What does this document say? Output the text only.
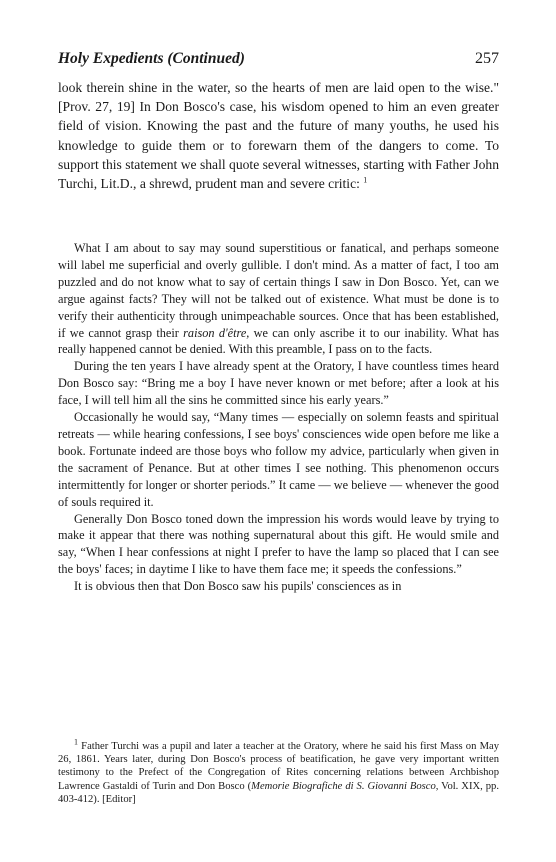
Holy Expedients (Continued)	257

look therein shine in the water, so the hearts of men are laid open to the wise." [Prov. 27, 19] In Don Bosco's case, his wisdom opened to him an even greater field of vision. Knowing the past and the future of many youths, he used his knowledge to guide them or to forewarn them of the dangers to come. To support this statement we shall quote several witnesses, starting with Father John Turchi, Lit.D., a shrewd, prudent man and severe critic: $^1$

What I am about to say may sound superstitious or fanatical, and perhaps someone will label me superficial and overly gullible. I don't mind. As a matter of fact, I too am puzzled and do not know what to say of certain things I saw in Don Bosco. Yet, can we argue against facts? They will not be talked out of existence. What must be done is to verify their authenticity through unimpeachable sources. Once that has been established, if we cannot grasp their raison d'être, we can only ascribe it to our inability. What has really happened cannot be denied. With this preamble, I pass on to the facts.

During the ten years I have already spent at the Oratory, I have countless times heard Don Bosco say: “Bring me a boy I have never known or met before; after a look at his face, I will tell him all the sins he committed since his early years.”

Occasionally he would say, “Many times — especially on solemn feasts and spiritual retreats — while hearing confessions, I see boys' consciences wide open before me like a book. Fortunate indeed are those boys who follow my advice, particularly when given in the sacrament of Penance. But at other times I see nothing. This phenomenon occurs intermittently for longer or shorter periods.” It came — we believe — whenever the good of souls required it.

Generally Don Bosco toned down the impression his words would leave by trying to make it appear that there was nothing supernatural about this gift. He would smile and say, “When I hear confessions at night I prefer to have the lamp so placed that I can see the boys' faces; in daytime I like to have them face me; it speeds the confessions.”

It is obvious then that Don Bosco saw his pupils' consciences as in

$^1$ Father Turchi was a pupil and later a teacher at the Oratory, where he said his first Mass on May 26, 1861. Years later, during Don Bosco's process of beatification, he gave very important written testimony to the Prefect of the Congregation of Rites concerning relations between Archbishop Lawrence Gastaldi of Turin and Don Bosco (Memorie Biografiche di S. Giovanni Bosco, Vol. XIX, pp. 403-412). [Editor]
